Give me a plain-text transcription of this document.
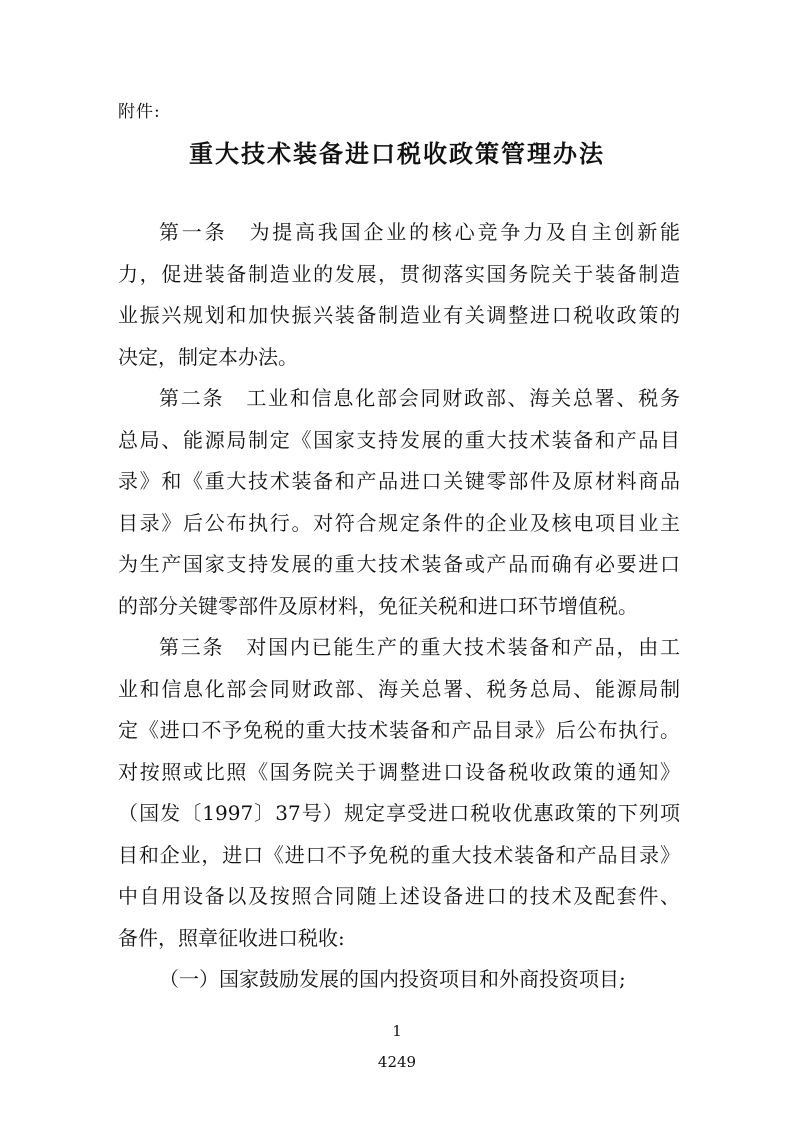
附件:
重大技术装备进口税收政策管理办法
第一条 为提高我国企业的核心竞争力及自主创新能
力，促进装备制造业的发展，贯彻落实国务院关于装备制造
业振兴规划和加快振兴装备制造业有关调整进口税收政策的
决定，制定本办法。
第二条 工业和信息化部会同财政部、海关总署、税务
总局、能源局制定《国家支持发展的重大技术装备和产品目
录》和《重大技术装备和产品进口关键零部件及原材料商品
目录》后公布执行。对符合规定条件的企业及核电项目业主
为生产国家支持发展的重大技术装备或产品而确有必要进口
的部分关键零部件及原材料，免征关税和进口环节增值税。
第三条 对国内已能生产的重大技术装备和产品，由工
业和信息化部会同财政部、海关总署、税务总局、能源局制
定《进口不予免税的重大技术装备和产品目录》后公布执行。
对按照或比照《国务院关于调整进口设备税收政策的通知》
（国发〔1997〕37号）规定享受进口税收优惠政策的下列项
目和企业，进口《进口不予免税的重大技术装备和产品目录》
中自用设备以及按照合同随上述设备进口的技术及配套件、
备件，照章征收进口税收:
（一）国家鼓励发展的国内投资项目和外商投资项目;
1
4249
